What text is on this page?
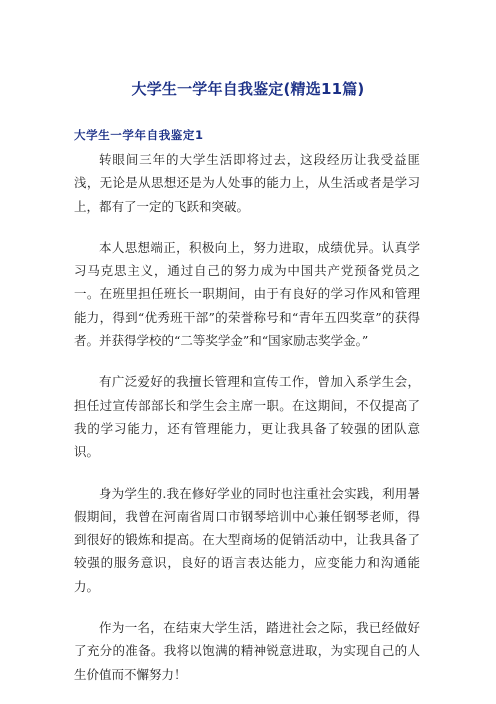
大学生一学年自我鉴定(精选11篇)
大学生一学年自我鉴定1

转眼间三年的大学生活即将过去，这段经历让我受益匪浅，无论是从思想还是为人处事的能力上，从生活或者是学习上，都有了一定的飞跃和突破。

本人思想端正，积极向上，努力进取，成绩优异。认真学习马克思主义，通过自己的努力成为中国共产党预备党员之一。在班里担任班长一职期间，由于有良好的学习作风和管理能力，得到“优秀班干部”的荣誉称号和“青年五四奖章”的获得者。并获得学校的“二等奖学金”和“国家励志奖学金。”

有广泛爱好的我擅长管理和宣传工作，曾加入系学生会，担任过宣传部部长和学生会主席一职。在这期间，不仅提高了我的学习能力，还有管理能力，更让我具备了较强的团队意识。

身为学生的.我在修好学业的同时也注重社会实践，利用暑假期间，我曾在河南省周口市钢琴培训中心兼任钢琴老师，得到很好的锻炼和提高。在大型商场的促销活动中，让我具备了较强的服务意识，良好的语言表达能力，应变能力和沟通能力。

作为一名，在结束大学生活，踏进社会之际，我已经做好了充分的准备。我将以饱满的精神锐意进取，为实现自己的人生价值而不懈努力！
